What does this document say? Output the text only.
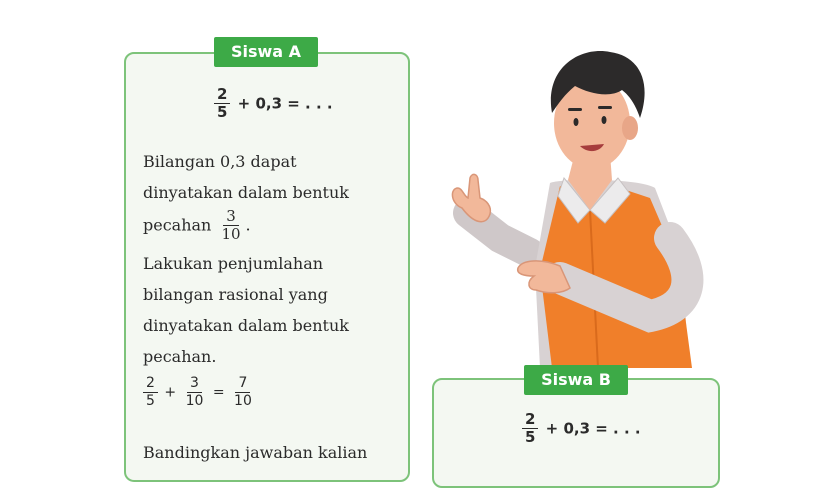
Siswa A
$\frac{2}{5} + 0,3$ = . . .
Bilangan 0,3 dapat
dinyatakan dalam bentuk
pecahan $\frac{3}{10}$ .
Lakukan penjumlahan
bilangan rasional yang
dinyatakan dalam bentuk
pecahan.
$\frac{2}{5} + \frac{3}{10} = \frac{7}{10}$
Bandingkan jawaban kalian
Siswa B
$\frac{2}{5} + 0,3$ = . . .
